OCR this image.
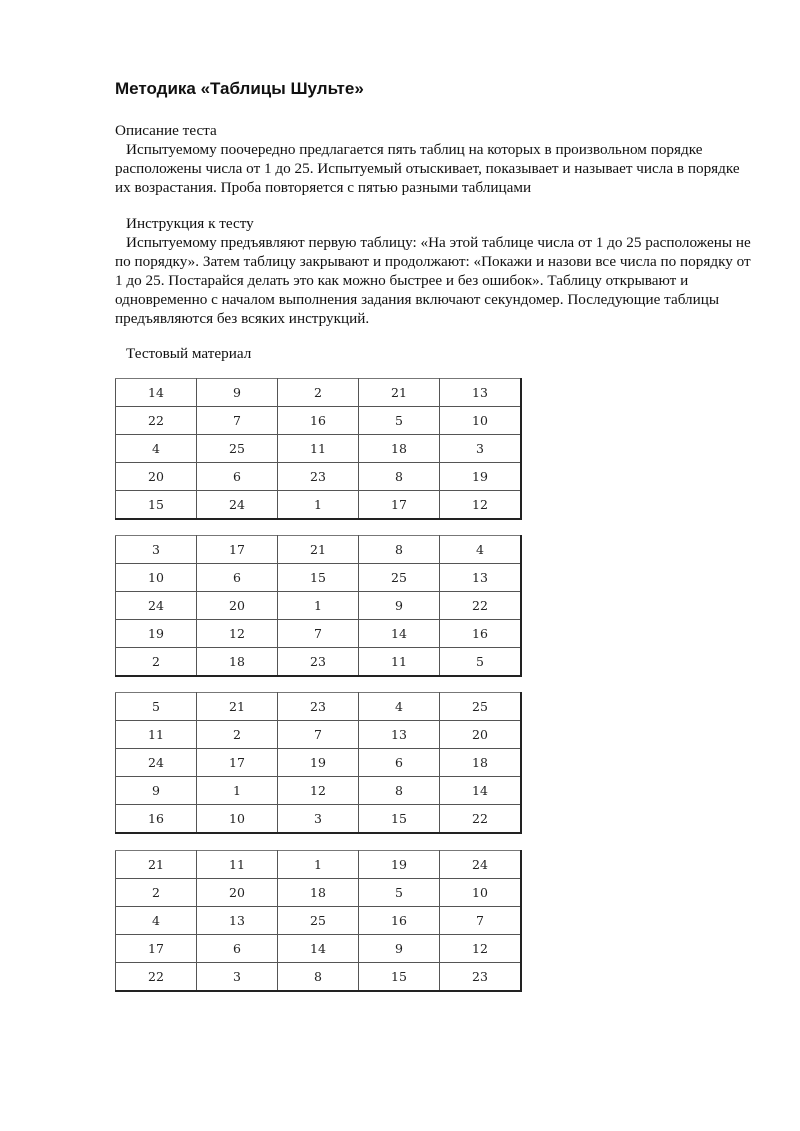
Методика «Таблицы Шульте»

Описание теста

Испытуемому поочередно предлагается пять таблиц на которых в произвольном порядке расположены числа от 1 до 25. Испытуемый отыскивает, показывает и называет числа в порядке их возрастания. Проба повторяется с пятью разными таблицами

Инструкция к тесту

Испытуемому предъявляют первую таблицу: «На этой таблице числа от 1 до 25 расположены не по порядку». Затем таблицу закрывают и продолжают: «Покажи и назови все числа по порядку от 1 до 25. Постарайся делать это как можно быстрее и без ошибок». Таблицу открывают и одновременно с началом выполнения задания включают секундомер. Последующие таблицы предъявляются без всяких инструкций.

Тестовый материал

14	9	2	21	13
22	7	16	5	10
4	25	11	18	3
20	6	23	8	19
15	24	1	17	12
3	17	21	8	4
10	6	15	25	13
24	20	1	9	22
19	12	7	14	16
2	18	23	11	5
5	21	23	4	25
11	2	7	13	20
24	17	19	6	18
9	1	12	8	14
16	10	3	15	22
21	11	1	19	24
2	20	18	5	10
4	13	25	16	7
17	6	14	9	12
22	3	8	15	23
